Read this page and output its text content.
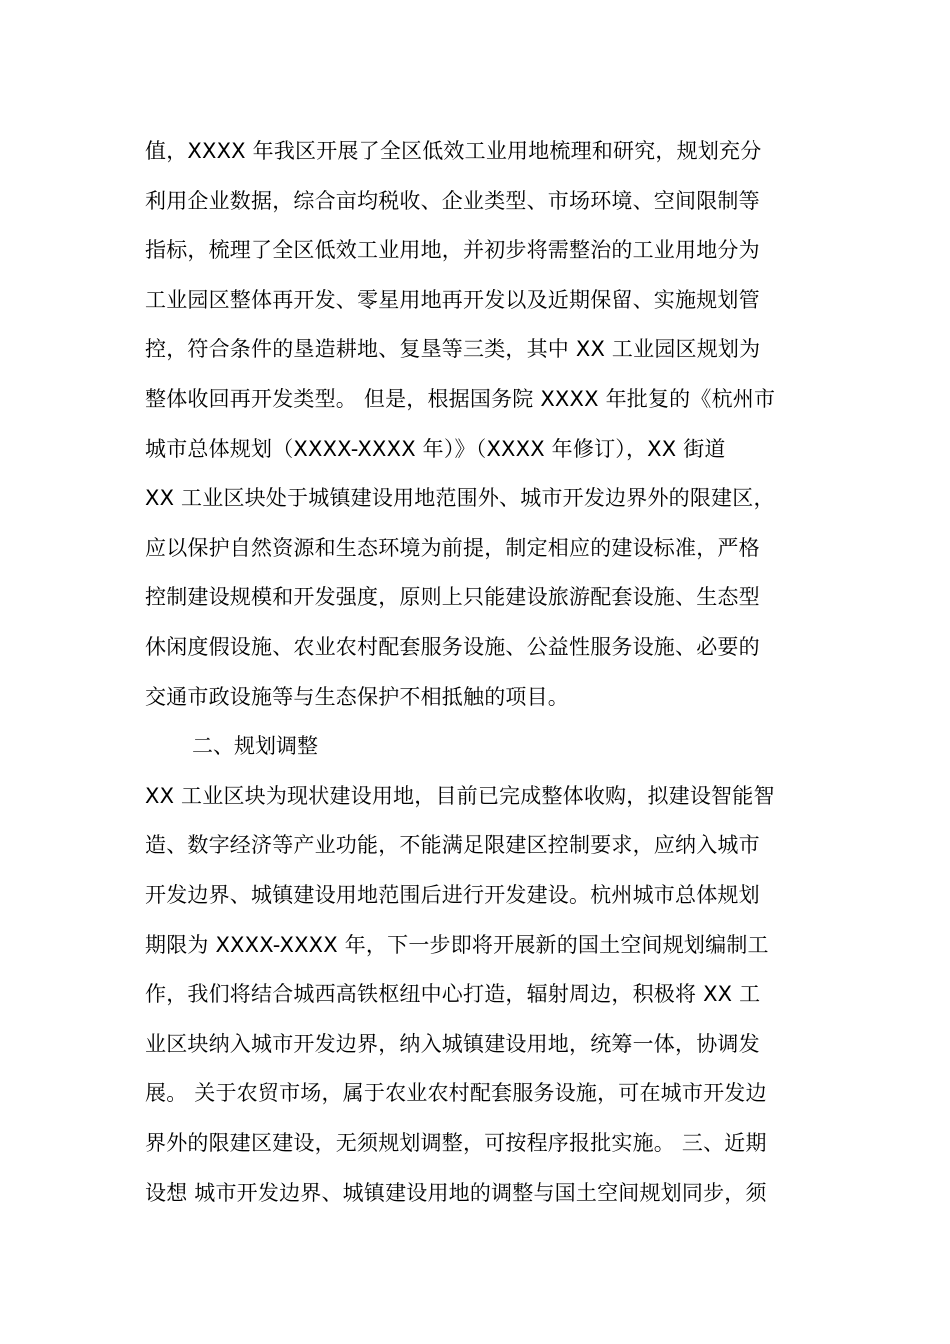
值，XXXX 年我区开展了全区低效工业用地梳理和研究，规划充分
利用企业数据，综合亩均税收、企业类型、市场环境、空间限制等
指标，梳理了全区低效工业用地，并初步将需整治的工业用地分为
工业园区整体再开发、零星用地再开发以及近期保留、实施规划管
控，符合条件的垦造耕地、复垦等三类，其中 XX 工业园区规划为
整体收回再开发类型。 但是，根据国务院 XXXX 年批复的《杭州市
城市总体规划（XXXX-XXXX 年）》（XXXX 年修订），XX 街道
XX 工业区块处于城镇建设用地范围外、城市开发边界外的限建区，
应以保护自然资源和生态环境为前提，制定相应的建设标准，严格
控制建设规模和开发强度，原则上只能建设旅游配套设施、生态型
休闲度假设施、农业农村配套服务设施、公益性服务设施、必要的
交通市政设施等与生态保护不相抵触的项目。
二、规划调整
XX 工业区块为现状建设用地，目前已完成整体收购，拟建设智能智
造、数字经济等产业功能，不能满足限建区控制要求，应纳入城市
开发边界、城镇建设用地范围后进行开发建设。杭州城市总体规划
期限为 XXXX-XXXX 年，下一步即将开展新的国土空间规划编制工
作，我们将结合城西高铁枢纽中心打造，辐射周边，积极将 XX 工
业区块纳入城市开发边界，纳入城镇建设用地，统筹一体，协调发
展。 关于农贸市场，属于农业农村配套服务设施，可在城市开发边
界外的限建区建设，无须规划调整，可按程序报批实施。 三、近期
设想 城市开发边界、城镇建设用地的调整与国土空间规划同步，须
